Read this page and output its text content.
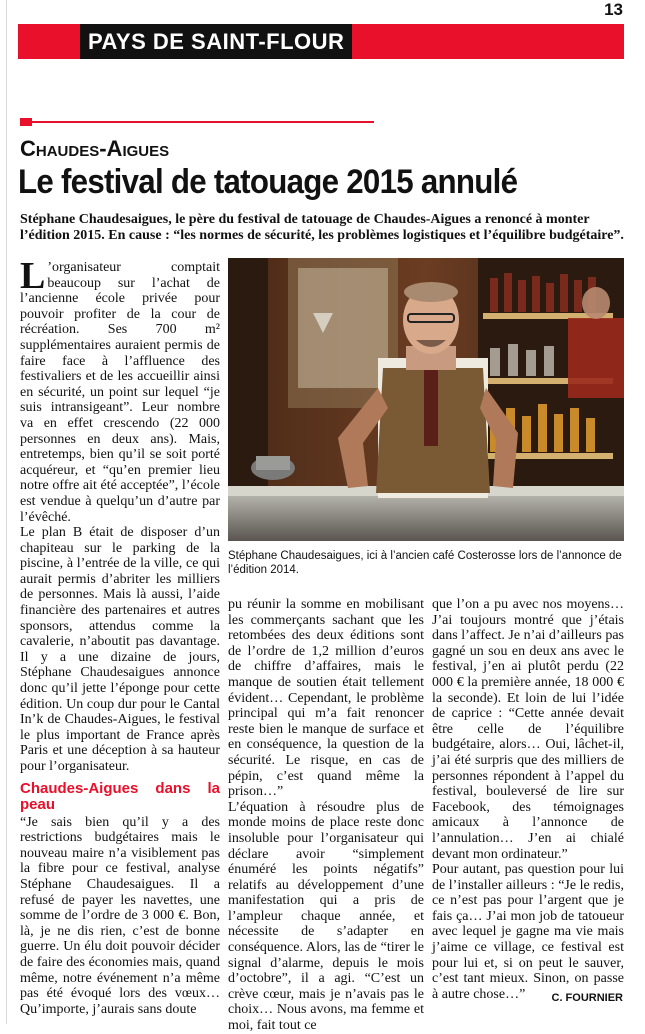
13
PAYS DE SAINT-FLOUR
Chaudes-Aigues
Le festival de tatouage 2015 annulé
Stéphane Chaudesaigues, le père du festival de tatouage de Chaudes-Aigues a renoncé à monter l’édition 2015. En cause : “les normes de sécurité, les problèmes logistiques et l’équilibre budgétaire”.

L ’organisateur comptait beaucoup sur l’achat de l’ancienne école privée pour pouvoir profiter de la cour de récréation. Ses 700 m² supplémentaires auraient permis de faire face à l’affluence des festivaliers et de les accueillir ainsi en sécurité, un point sur lequel “je suis intransigeant”. Leur nombre va en effet crescendo (22 000 personnes en deux ans). Mais, entretemps, bien qu’il se soit porté acquéreur, et “qu’en premier lieu notre offre ait été acceptée”, l’école est vendue à quelqu’un d’autre par l’évêché.

Le plan B était de disposer d’un chapiteau sur le parking de la piscine, à l’entrée de la ville, ce qui aurait permis d’abriter les milliers de personnes. Mais là aussi, l’aide financière des partenaires et autres sponsors, attendus comme la cavalerie, n’aboutit pas davantage. Il y a une dizaine de jours, Stéphane Chaudesaigues annonce donc qu’il jette l’éponge pour cette édition. Un coup dur pour le Cantal In’k de Chaudes-Aigues, le festival le plus important de France après Paris et une déception à sa hauteur pour l’organisateur.

Chaudes-Aigues dans la peau

“Je sais bien qu’il y a des restrictions budgétaires mais le nouveau maire n’a visiblement pas la fibre pour ce festival, analyse Stéphane Chaudesaigues. Il a refusé de payer les navettes, une somme de l’ordre de 3 000 €. Bon, là, je ne dis rien, c’est de bonne guerre. Un élu doit pouvoir décider de faire des économies mais, quand même, notre événement n’a même pas été évoqué lors des vœux… Qu’importe, j’aurais sans doute

Stéphane Chaudesaigues, ici à l’ancien café Costerosse lors de l’annonce de l’édition 2014.

pu réunir la somme en mobilisant les commerçants sachant que les retombées des deux éditions sont de l’ordre de 1,2 million d’euros de chiffre d’affaires, mais le manque de soutien était tellement évident… Cependant, le problème principal qui m’a fait renoncer reste bien le manque de surface et en conséquence, la question de la sécurité. Le risque, en cas de pépin, c’est quand même la prison…”

L’équation à résoudre plus de monde moins de place reste donc insoluble pour l’organisateur qui déclare avoir “simplement énuméré les points négatifs” relatifs au développement d’une manifestation qui a pris de l’ampleur chaque année, et nécessite de s’adapter en conséquence. Alors, las de “tirer le signal d’alarme, depuis le mois d’octobre”, il a agi. “C’est un crève cœur, mais je n’avais pas le choix… Nous avons, ma femme et moi, fait tout ce

que l’on a pu avec nos moyens… J’ai toujours montré que j’étais dans l’affect. Je n’ai d’ailleurs pas gagné un sou en deux ans avec le festival, j’en ai plutôt perdu (22 000 € la première année, 18 000 € la seconde). Et loin de lui l’idée de caprice : “Cette année devait être celle de l’équilibre budgétaire, alors… Oui, lâchet-il, j’ai été surpris que des milliers de personnes répondent à l’appel du festival, bouleversé de lire sur Facebook, des témoignages amicaux à l’annonce de l’annulation… J’en ai chialé devant mon ordinateur.”

Pour autant, pas question pour lui de l’installer ailleurs : “Je le redis, ce n’est pas pour l’argent que je fais ça… J’ai mon job de tatoueur avec lequel je gagne ma vie mais j’aime ce village, ce festival est pour lui et, si on peut le sauver, c’est tant mieux. Sinon, on passe à autre chose…”	C. FOURNIER
